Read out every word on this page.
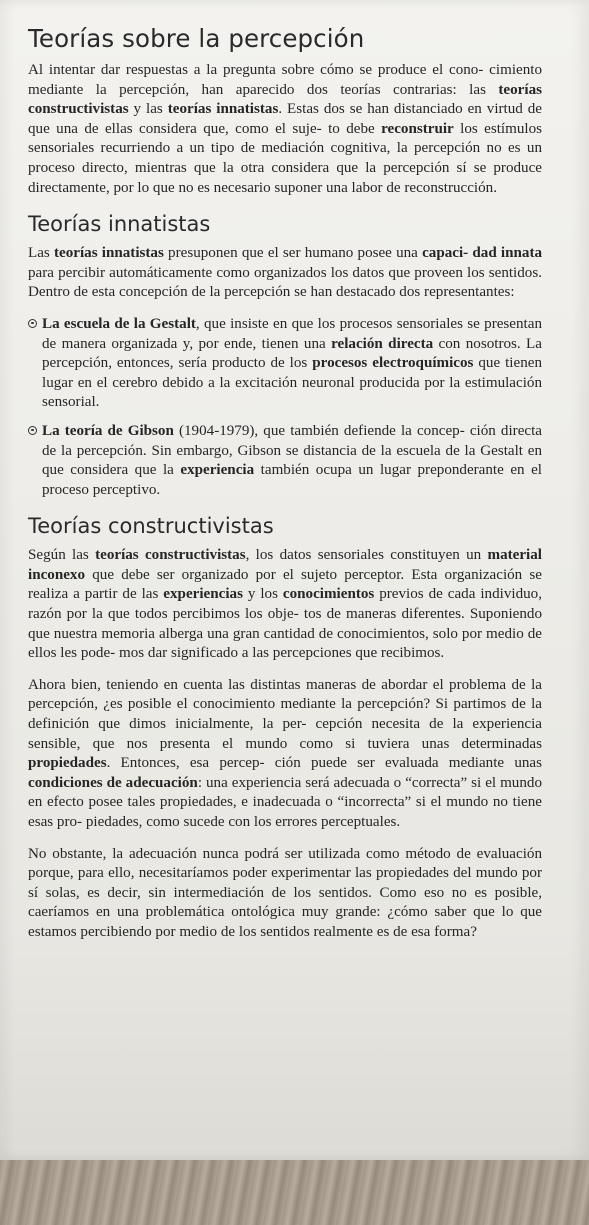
Teorías sobre la percepción

Al intentar dar respuestas a la pregunta sobre cómo se produce el cono- cimiento mediante la percepción, han aparecido dos teorías contrarias: las teorías constructivistas y las teorías innatistas. Estas dos se han distanciado en virtud de que una de ellas considera que, como el suje- to debe reconstruir los estímulos sensoriales recurriendo a un tipo de mediación cognitiva, la percepción no es un proceso directo, mientras que la otra considera que la percepción sí se produce directamente, por lo que no es necesario suponer una labor de reconstrucción.

Teorías innatistas

Las teorías innatistas presuponen que el ser humano posee una capaci- dad innata para percibir automáticamente como organizados los datos que proveen los sentidos. Dentro de esta concepción de la percepción se han destacado dos representantes:

La escuela de la Gestalt, que insiste en que los procesos sensoriales se presentan de manera organizada y, por ende, tienen una relación directa con nosotros. La percepción, entonces, sería producto de los procesos electroquímicos que tienen lugar en el cerebro debido a la excitación neuronal producida por la estimulación sensorial.
La teoría de Gibson (1904-1979), que también defiende la concep- ción directa de la percepción. Sin embargo, Gibson se distancia de la escuela de la Gestalt en que considera que la experiencia también ocupa un lugar preponderante en el proceso perceptivo.
Teorías constructivistas

Según las teorías constructivistas, los datos sensoriales constituyen un material inconexo que debe ser organizado por el sujeto perceptor. Esta organización se realiza a partir de las experiencias y los conocimientos previos de cada individuo, razón por la que todos percibimos los obje- tos de maneras diferentes. Suponiendo que nuestra memoria alberga una gran cantidad de conocimientos, solo por medio de ellos les pode- mos dar significado a las percepciones que recibimos.

Ahora bien, teniendo en cuenta las distintas maneras de abordar el problema de la percepción, ¿es posible el conocimiento mediante la percepción? Si partimos de la definición que dimos inicialmente, la per- cepción necesita de la experiencia sensible, que nos presenta el mundo como si tuviera unas determinadas propiedades. Entonces, esa percep- ción puede ser evaluada mediante unas condiciones de adecuación: una experiencia será adecuada o “correcta” si el mundo en efecto posee tales propiedades, e inadecuada o “incorrecta” si el mundo no tiene esas pro- piedades, como sucede con los errores perceptuales.

No obstante, la adecuación nunca podrá ser utilizada como método de evaluación porque, para ello, necesitaríamos poder experimentar las propiedades del mundo por sí solas, es decir, sin intermediación de los sentidos. Como eso no es posible, caeríamos en una problemática ontológica muy grande: ¿cómo saber que lo que estamos percibiendo por medio de los sentidos realmente es de esa forma?
